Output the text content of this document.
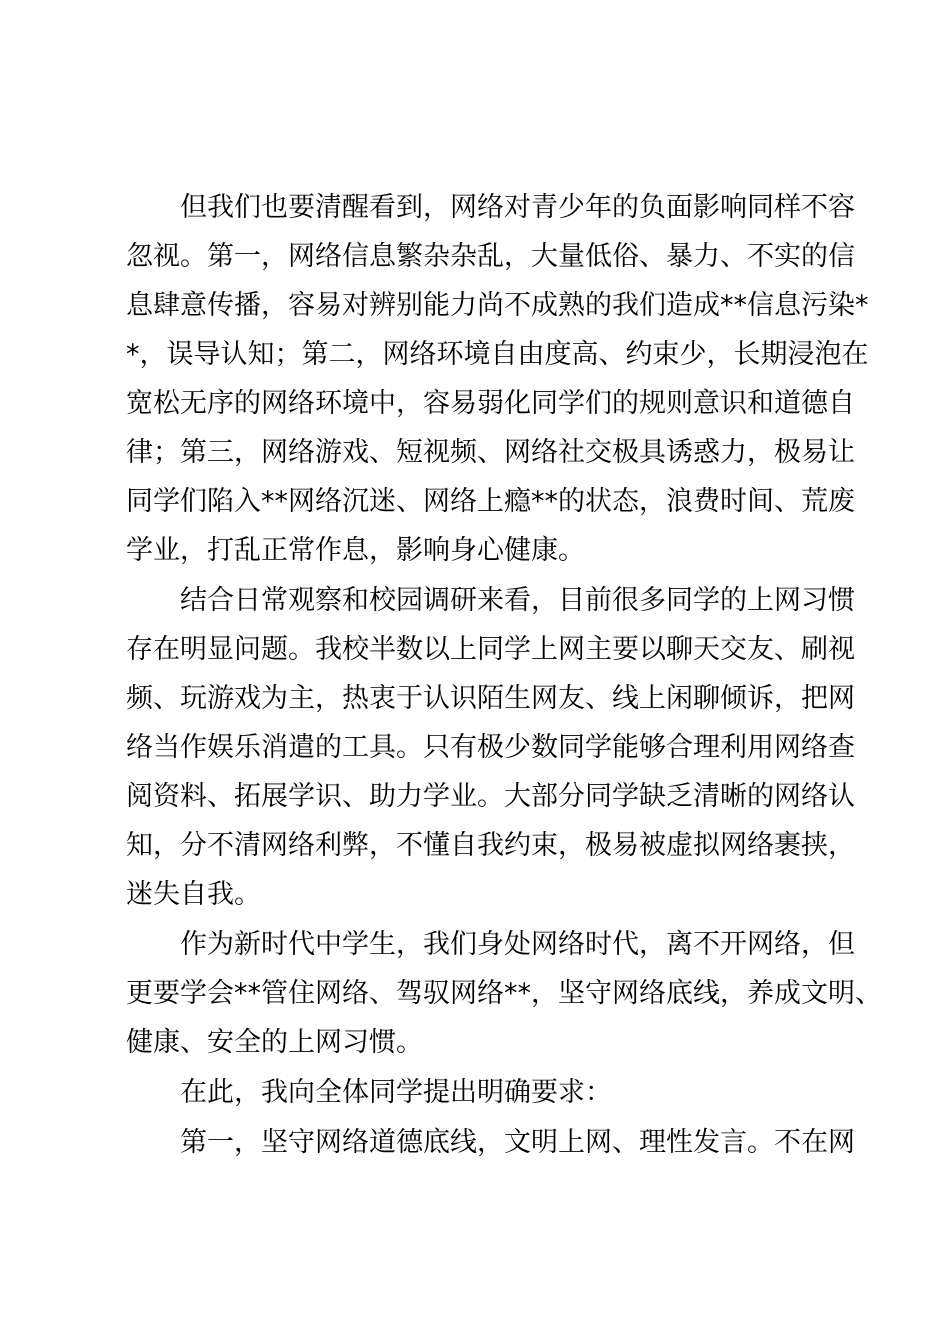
　　但我们也要清醒看到，网络对青少年的负面影响同样不容

忽视。第一，网络信息繁杂杂乱，大量低俗、暴力、不实的信

息肆意传播，容易对辨别能力尚不成熟的我们造成**信息污染*

*，误导认知；第二，网络环境自由度高、约束少，长期浸泡在

宽松无序的网络环境中，容易弱化同学们的规则意识和道德自

律；第三，网络游戏、短视频、网络社交极具诱惑力，极易让

同学们陷入**网络沉迷、网络上瘾**的状态，浪费时间、荒废

学业，打乱正常作息，影响身心健康。

　　结合日常观察和校园调研来看，目前很多同学的上网习惯

存在明显问题。我校半数以上同学上网主要以聊天交友、刷视

频、玩游戏为主，热衷于认识陌生网友、线上闲聊倾诉，把网

络当作娱乐消遣的工具。只有极少数同学能够合理利用网络查

阅资料、拓展学识、助力学业。大部分同学缺乏清晰的网络认

知，分不清网络利弊，不懂自我约束，极易被虚拟网络裹挟，

迷失自我。

　　作为新时代中学生，我们身处网络时代，离不开网络，但

更要学会**管住网络、驾驭网络**，坚守网络底线，养成文明、

健康、安全的上网习惯。

　　在此，我向全体同学提出明确要求：

　　第一，坚守网络道德底线，文明上网、理性发言。不在网
